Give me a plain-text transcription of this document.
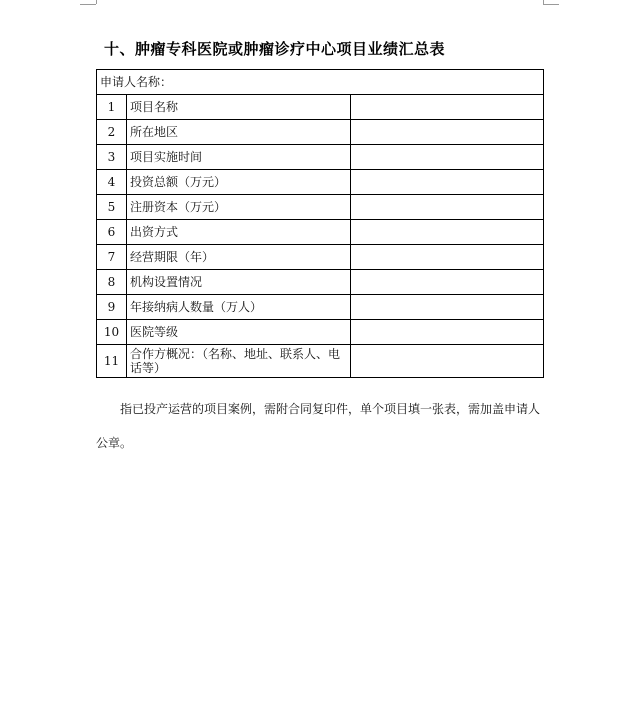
十、肿瘤专科医院或肿瘤诊疗中心项目业绩汇总表
申请人名称：		
1	项目名称	
2	所在地区	
3	项目实施时间	
4	投资总额（万元）	
5	注册资本（万元）	
6	出资方式	
7	经营期限（年）	
8	机构设置情况	
9	年接纳病人数量（万人）	
10	医院等级	
11	合作方概况：（名称、地址、联系人、电话等）	
指已投产运营的项目案例，需附合同复印件，单个项目填一张表，需加盖申请人公章。
